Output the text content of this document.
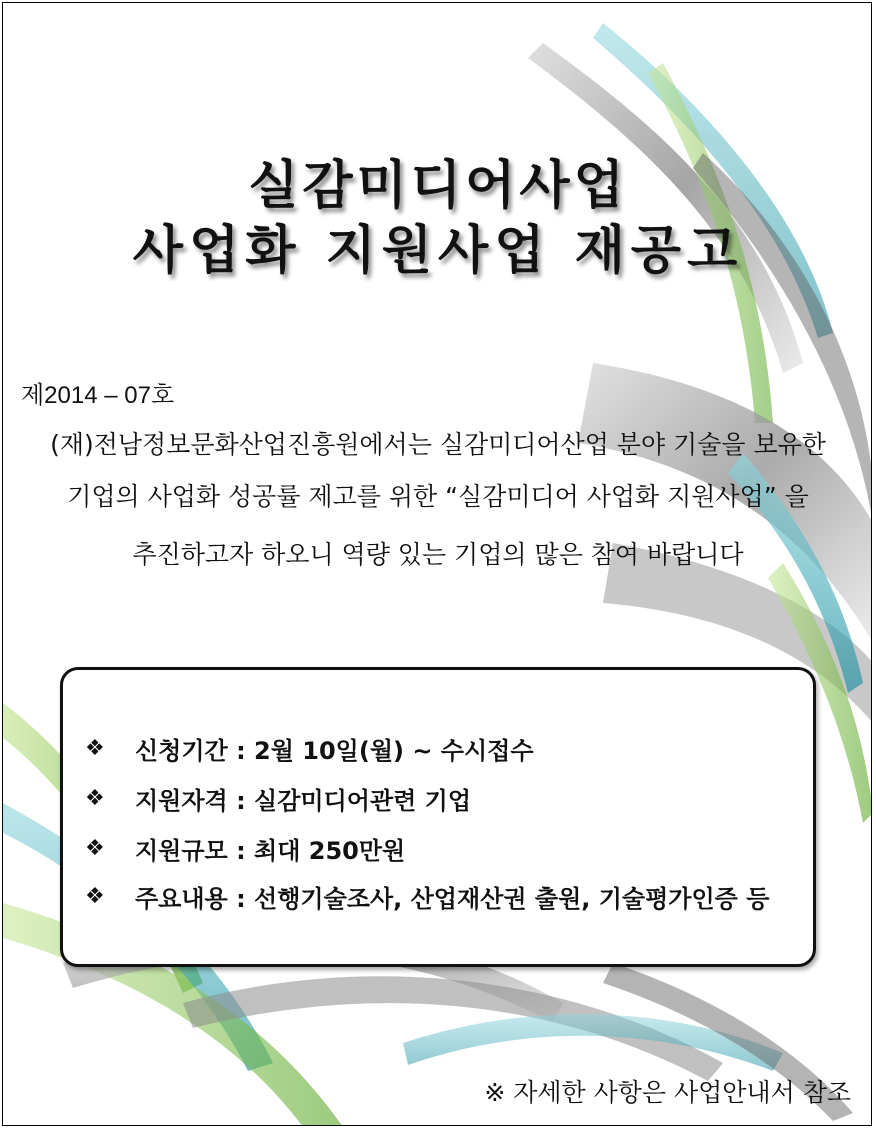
실감미디어사업
사업화 지원사업 재공고
제2014 – 07호
(재)전남정보문화산업진흥원에서는 실감미디어산업 분야 기술을 보유한
기업의 사업화 성공률 제고를 위한 “실감미디어 사업화 지원사업” 을
추진하고자 하오니 역량 있는 기업의 많은 참여 바랍니다
❖	신청기간 : 2월 10일(월) ~ 수시접수
❖	지원자격 : 실감미디어관련 기업
❖	지원규모 : 최대 250만원
❖	주요내용 : 선행기술조사, 산업재산권 출원, 기술평가인증 등
※ 자세한 사항은 사업안내서 참조
